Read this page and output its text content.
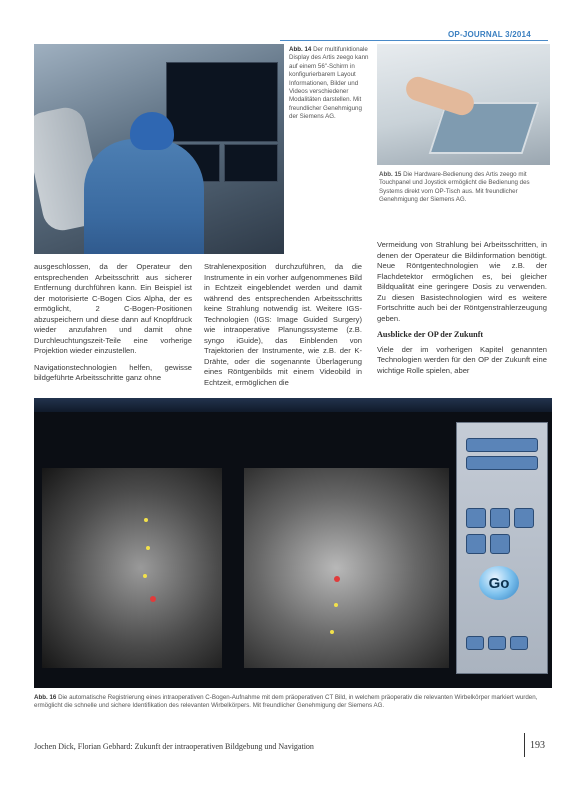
OP-JOURNAL 3/2014
Abb. 14 Der multifunktionale Display des Artis zeego kann auf einem 56"-Schirm in konfigurierbarem Layout Informationen, Bilder und Videos verschiedener Modalitäten darstellen. Mit freundlicher Genehmigung der Siemens AG.
Abb. 15 Die Hardware-Bedienung des Artis zeego mit Touchpanel und Joystick ermöglicht die Bedienung des Systems direkt vom OP-Tisch aus. Mit freundlicher Genehmigung der Siemens AG.

ausgeschlossen, da der Operateur den entsprechenden Arbeitsschritt aus sicherer Entfernung durchführen kann. Ein Beispiel ist der motorisierte C-Bogen Cios Alpha, der es ermöglicht, 2 C-Bogen-Positionen abzuspeichern und diese dann auf Knopfdruck wieder anzufahren und damit ohne Durchleuchtungszeit-Teile eine vorherige Projektion wieder einzustellen.

Navigationstechnologien helfen, gewisse bildgeführte Arbeitsschritte ganz ohne

Strahlenexposition durchzuführen, da die Instrumente in ein vorher aufgenommenes Bild in Echtzeit eingeblendet werden und damit während des entsprechenden Arbeitsschritts keine Strahlung notwendig ist. Weitere IGS-Technologien (IGS: Image Guided Surgery) wie intraoperative Planungssysteme (z.B. syngo iGuide), das Einblenden von Trajektorien der Instrumente, wie z.B. der K-Drähte, oder die sogenannte Überlagerung eines Röntgenbilds mit einem Videobild in Echtzeit, ermöglichen die

Vermeidung von Strahlung bei Arbeitsschritten, in denen der Operateur die Bildinformation benötigt. Neue Röntgentechnologien wie z.B. der Flachdetektor ermöglichen es, bei gleicher Bildqualität eine geringere Dosis zu verwenden. Zu diesen Basistechnologien wird es weitere Fortschritte auch bei der Röntgenstrahlerzeugung geben.

Ausblicke der OP der Zukunft

Viele der im vorherigen Kapitel genannten Technologien werden für den OP der Zukunft eine wichtige Rolle spielen, aber

Go
Abb. 16 Die automatische Registrierung eines intraoperativen C-Bogen-Aufnahme mit dem präoperativen CT Bild, in welchem präoperativ die relevanten Wirbelkörper markiert wurden, ermöglicht die schnelle und sichere Identifikation des relevanten Wirbelkörpers. Mit freundlicher Genehmigung der Siemens AG.
Jochen Dick, Florian Gebhard: Zukunft der intraoperativen Bildgebung und Navigation	193
